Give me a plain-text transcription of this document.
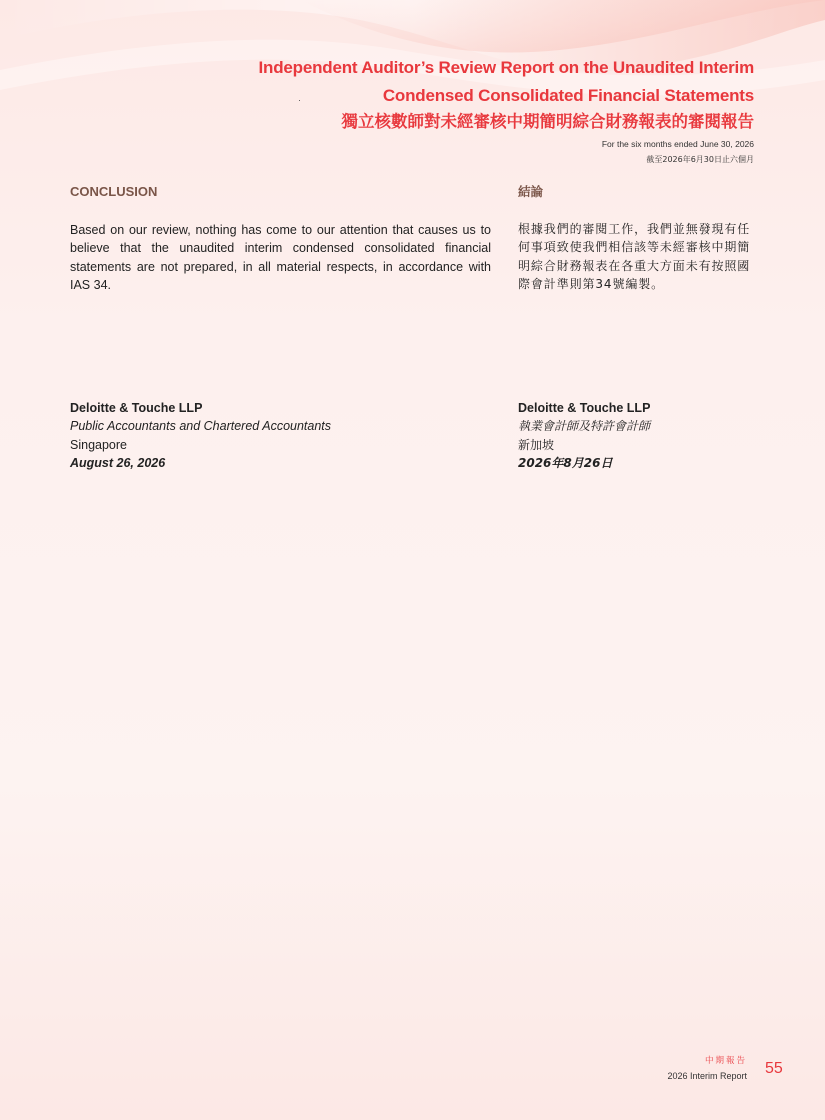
Independent Auditor’s Review Report on the Unaudited Interim
Condensed Consolidated Financial Statements
獨立核數師對未經審核中期簡明綜合財務報表的審閱報告
For the six months ended June 30, 2026
截至2026年6月30日止六個月
CONCLUSION

Based on our review, nothing has come to our attention that causes us to believe that the unaudited interim condensed consolidated financial statements are not prepared, in all material respects, in accordance with IAS 34.

結論

根據我們的審閱工作，我們並無發現有任何事項致使我們相信該等未經審核中期簡明綜合財務報表在各重大方面未有按照國際會計準則第34號編製。

Deloitte & Touche LLP
Public Accountants and Chartered Accountants
Singapore
August 26, 2026
Deloitte & Touche LLP
執業會計師及特許會計師
新加坡
2026年8月26日
中期報告
2026 Interim Report 55
